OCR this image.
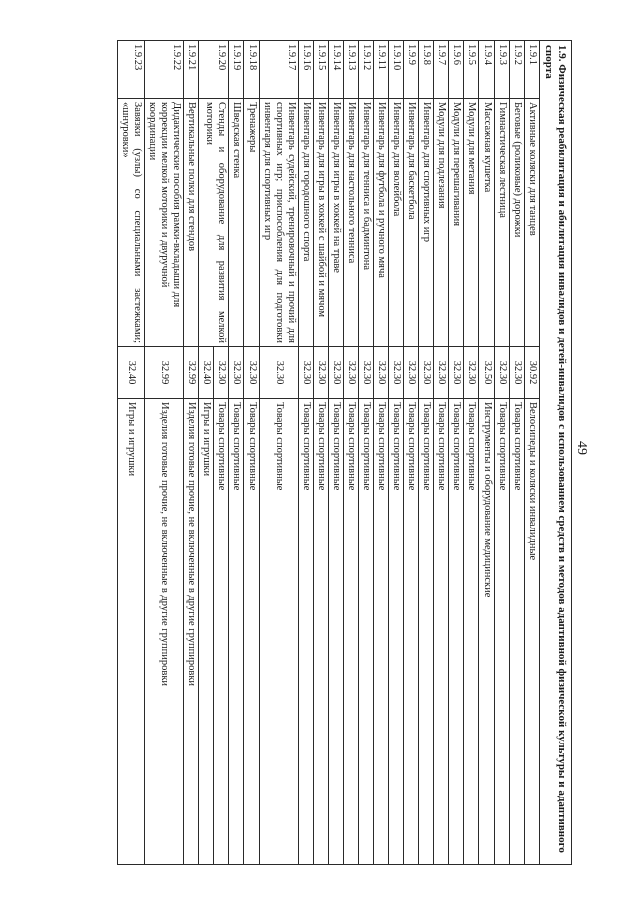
49
1.9. Физическая реабилитация и абилитация инвалидов и детей-инвалидов с использованием средств и методов адаптивной физической культуры и адаптивного спорта			
1.9.1	Активные коляски для танцев	30.92	Велосипеды и коляски инвалидные
1.9.2	Беговые (роликовые) дорожки	32.30	Товары спортивные
1.9.3	Гимнастическая лестница	32.30	Товары спортивные
1.9.4	Массажная кушетка	32.50	Инструменты и оборудование медицинские
1.9.5	Модули для метания	32.30	Товары спортивные
1.9.6	Модули для перешагивания	32.30	Товары спортивные
1.9.7	Модули для подлезания	32.30	Товары спортивные
1.9.8	Инвентарь для спортивных игр	32.30	Товары спортивные
1.9.9	Инвентарь для баскетбола	32.30	Товары спортивные
1.9.10	Инвентарь для волейбола	32.30	Товары спортивные
1.9.11	Инвентарь для футбола и ручного мяча	32.30	Товары спортивные
1.9.12	Инвентарь для тенниса и бадминтона	32.30	Товары спортивные
1.9.13	Инвентарь для настольного тенниса	32.30	Товары спортивные
1.9.14	Инвентарь для игры в хоккей на траве	32.30	Товары спортивные
1.9.15	Инвентарь для игры в хоккей с шайбой и мячом	32.30	Товары спортивные
1.9.16	Инвентарь для городошного спорта	32.30	Товары спортивные
1.9.17	Инвентарь судейский, тренировочный и прочий для спортивных игр; приспособления для подготовки инвентаря для спортивных игр	32.30	Товары спортивные
1.9.18	Тренажеры	32.30	Товары спортивные
1.9.19	Шведская стенка	32.30	Товары спортивные
1.9.20	Стенды и оборудование для развития мелкой моторики	32.30	Товары спортивные
		32.40	Игры и игрушки
1.9.21	Вертикальные полки для стендов	32.99	Изделия готовые прочие, не включенные в другие группировки
1.9.22	Дидактические пособия рамки-вкладыши для коррекции мелкой моторики и двуручной координации	32.99	Изделия готовые прочие, не включенные в другие группировки
1.9.23	Завязки (узлы) со специальными застежками; «шнуровки»	32.40	Игры и игрушки
